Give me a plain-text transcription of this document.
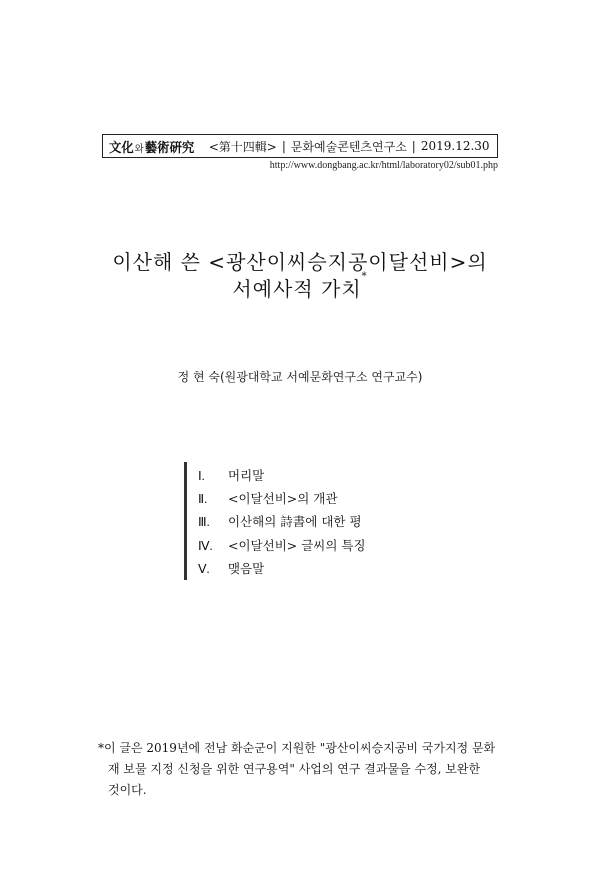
文化와藝術硏究 <第十四輯> | 문화예술콘텐츠연구소 | 2019.12.30
http://www.dongbang.ac.kr/html/laboratory02/sub01.php
이산해 쓴 <광산이씨승지공이달선비>의
서예사적 가치*
정 현 숙(원광대학교 서예문화연구소 연구교수)
Ⅰ. 머리말
Ⅱ. <이달선비>의 개관
Ⅲ. 이산해의 詩書에 대한 평
Ⅳ. <이달선비> 글씨의 특징
Ⅴ. 맺음말
*이 글은 2019년에 전남 화순군이 지원한 "광산이씨승지공비 국가지정 문화
재 보물 지정 신청을 위한 연구용역" 사업의 연구 결과물을 수정, 보완한
것이다.
